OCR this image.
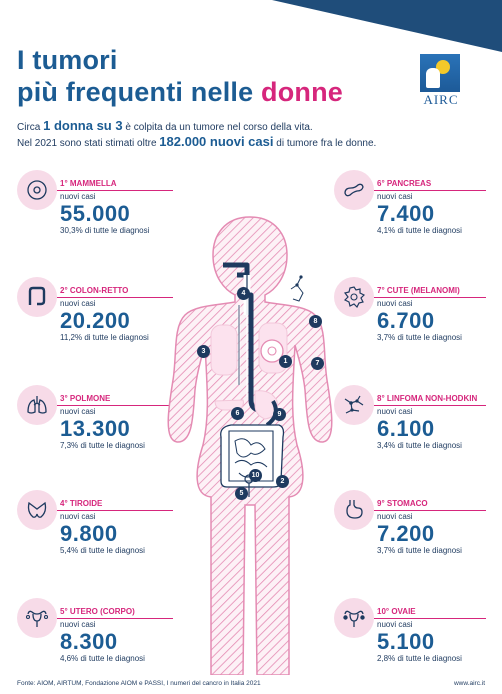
I tumori
più frequenti nelle donne	AIRC

Circa 1 donna su 3 è colpita da un tumore nel corso della vita.

Nel 2021 sono stati stimati oltre 182.000 nuovi casi di tumore fra le donne.

1° MAMMELLA
nuovi casi
55.000
30,3% di tutte le diagnosi
2° COLON-RETTO
nuovi casi
20.200
11,2% di tutte le diagnosi
3° POLMONE
nuovi casi
13.300
7,3% di tutte le diagnosi
4° TIROIDE
nuovi casi
9.800
5,4% di tutte le diagnosi
5° UTERO (CORPO)
nuovi casi
8.300
4,6% di tutte le diagnosi
6° PANCREAS
nuovi casi
7.400
4,1% di tutte le diagnosi
7° CUTE (MELANOMI)
nuovi casi
6.700
3,7% di tutte le diagnosi
8° LINFOMA NON-HODKIN
nuovi casi
6.100
3,4% di tutte le diagnosi
9° STOMACO
nuovi casi
7.200
3,7% di tutte le diagnosi
10° OVAIE
nuovi casi
5.100
2,8% di tutte le diagnosi
1
2
3
4
5
6
7
8
9
10
Fonte: AIOM, AIRTUM, Fondazione AIOM e PASSI, I numeri del cancro in Italia 2021	www.airc.it
